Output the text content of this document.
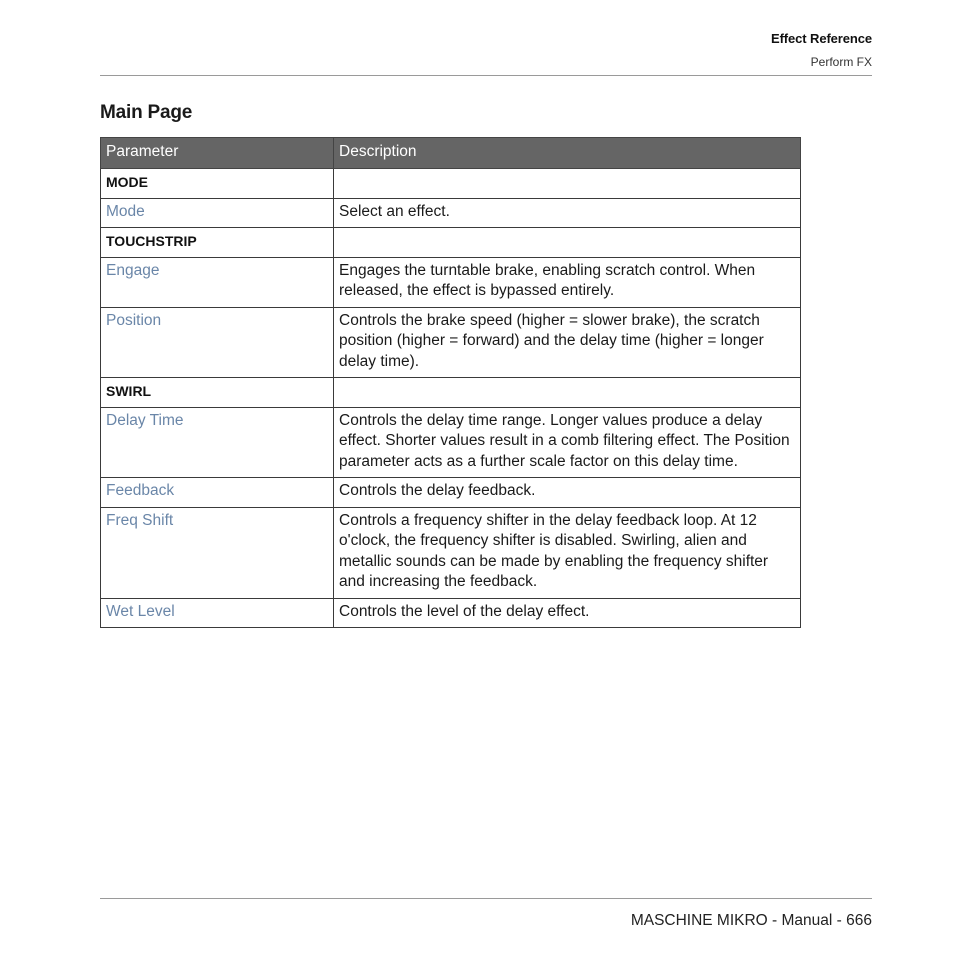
Effect Reference
Perform FX
Main Page
Parameter	Description
MODE	
Mode	Select an effect.
TOUCHSTRIP	
Engage	Engages the turntable brake, enabling scratch control. When released, the effect is bypassed entirely.
Position	Controls the brake speed (higher = slower brake), the scratch position (higher = forward) and the delay time (higher = longer delay time).
SWIRL	
Delay Time	Controls the delay time range. Longer values produce a delay effect. Shorter values result in a comb filtering effect. The Position parameter acts as a further scale factor on this delay time.
Feedback	Controls the delay feedback.
Freq Shift	Controls a frequency shifter in the delay feedback loop. At 12 o'clock, the frequency shifter is disabled. Swirling, alien and metallic sounds can be made by enabling the frequency shifter and increasing the feedback.
Wet Level	Controls the level of the delay effect.
MASCHINE MIKRO - Manual - 666
